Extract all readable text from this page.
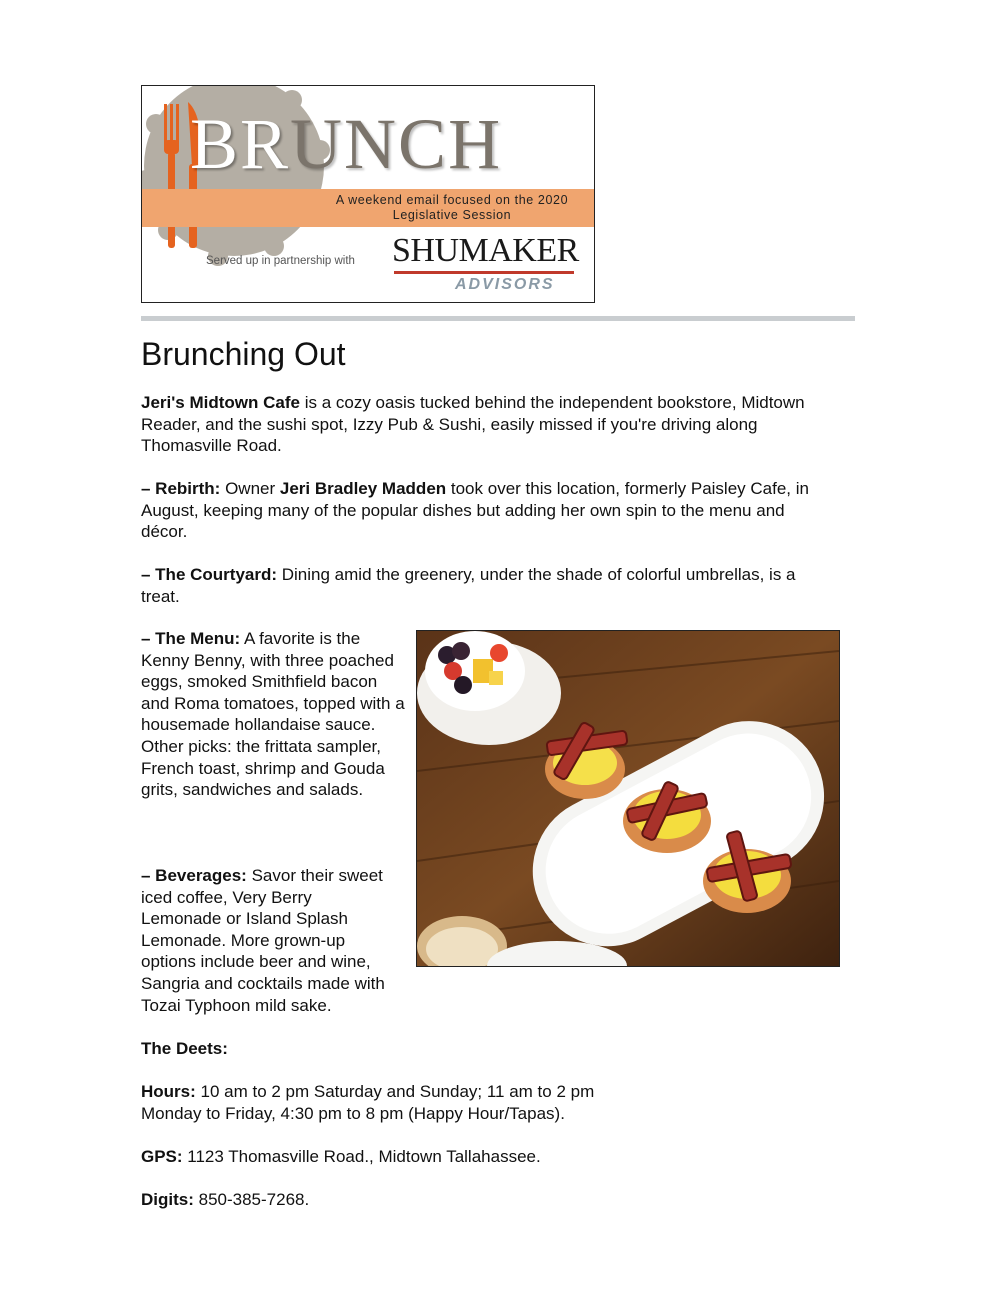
BRUNCH
A weekend email focused on the 2020 Legislative Session
Served up in partnership with SHUMAKER
ADVISORS
Brunching Out

Jeri's Midtown Cafe is a cozy oasis tucked behind the independent bookstore, Midtown Reader, and the sushi spot, Izzy Pub & Sushi, easily missed if you're driving along Thomasville Road.

– Rebirth: Owner Jeri Bradley Madden took over this location, formerly Paisley Cafe, in August, keeping many of the popular dishes but adding her own spin to the menu and décor.

– The Courtyard: Dining amid the greenery, under the shade of colorful umbrellas, is a treat.

– The Menu: A favorite is the Kenny Benny, with three poached eggs, smoked Smithfield bacon and Roma tomatoes, topped with a housemade hollandaise sauce. Other picks: the frittata sampler, French toast, shrimp and Gouda grits, sandwiches and salads.

– Beverages: Savor their sweet iced coffee, Very Berry Lemonade or Island Splash Lemonade. More grown-up options include beer and wine, Sangria and cocktails made with Tozai Typhoon mild sake.

The Deets:

Hours: 10 am to 2 pm Saturday and Sunday; 11 am to 2 pm Monday to Friday, 4:30 pm to 8 pm (Happy Hour/Tapas).

GPS: 1123 Thomasville Road., Midtown Tallahassee.

Digits: 850-385-7268.
